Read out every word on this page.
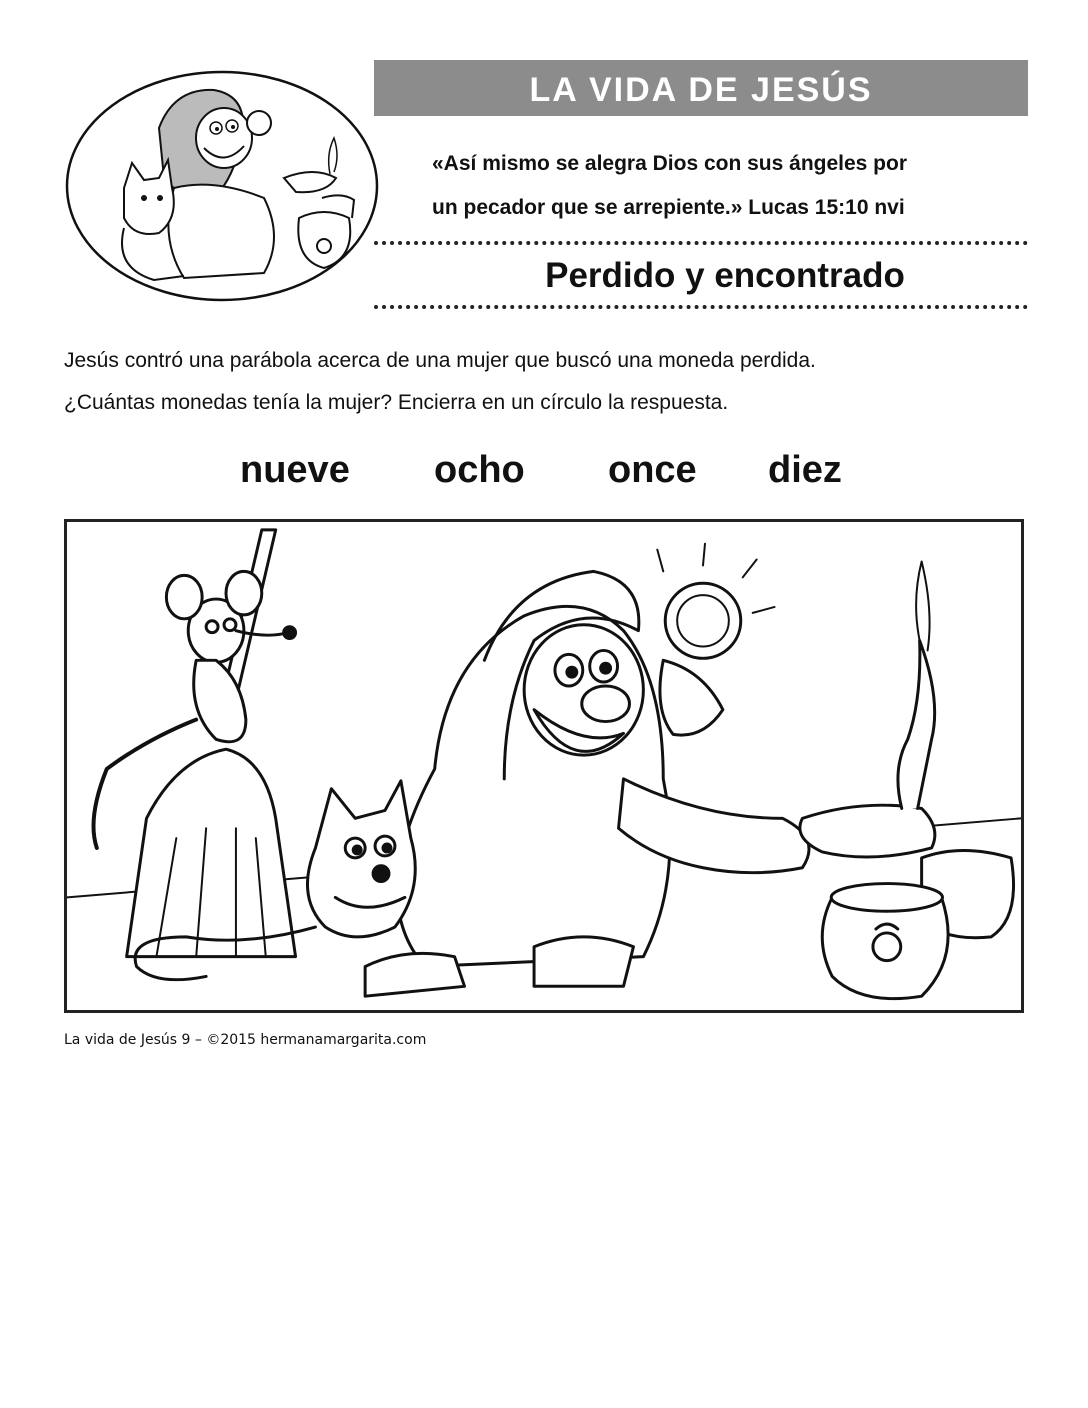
LA VIDA DE JESÚS
«Así mismo se alegra Dios con sus ángeles por
un pecador que se arrepiente.» Lucas 15:10 nvi
Perdido y encontrado
Jesús contró una parábola acerca de una mujer que buscó una moneda perdida.
¿Cuántas monedas tenía la mujer? Encierra en un círculo la respuesta.
nueve ocho once diez
La vida de Jesús 9 – ©2015 hermanamargarita.com
